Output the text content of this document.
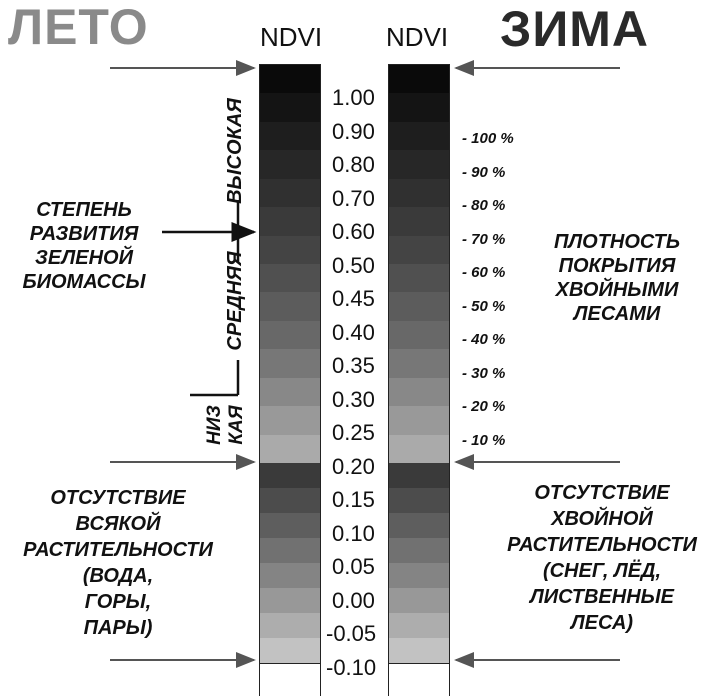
ЛЕТО	ЗИМА
NDVI NDVI
1.00
0.90
0.80
0.70
0.60
0.50
0.45
0.40
0.35
0.30
0.25
0.20
0.15
0.10
0.05
0.00
-0.05
-0.10
- 100 %
- 90 %
- 80 %
- 70 %
- 60 %
- 50 %
- 40 %
- 30 %
- 20 %
- 10 %
ВЫСОКАЯ
СРЕДНЯЯ
НИЗ КАЯ
СТЕПЕНЬ
РАЗВИТИЯ
ЗЕЛЕНОЙ
БИОМАССЫ
ОТСУТСТВИЕ
ВСЯКОЙ
РАСТИТЕЛЬНОСТИ
(ВОДА,
ГОРЫ,
ПАРЫ)
ПЛОТНОСТЬ
ПОКРЫТИЯ
ХВОЙНЫМИ
ЛЕСАМИ
ОТСУТСТВИЕ
ХВОЙНОЙ
РАСТИТЕЛЬНОСТИ
(СНЕГ, ЛЁД,
ЛИСТВЕННЫЕ
ЛЕСА)
